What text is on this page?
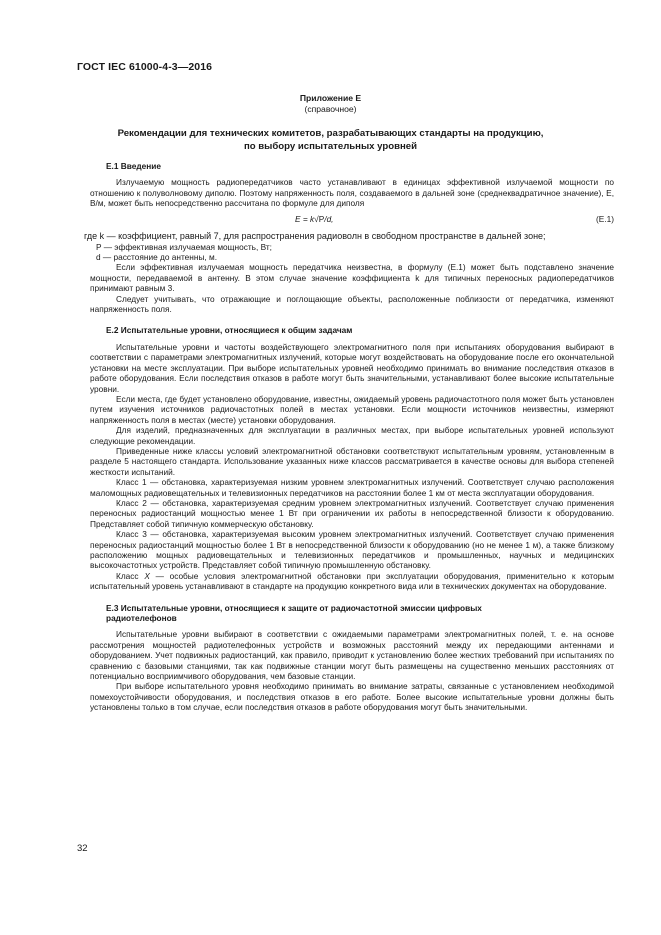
ГОСТ IEC 61000-4-3—2016
Приложение Е
(справочное)
Рекомендации для технических комитетов, разрабатывающих стандарты на продукцию,
по выбору испытательных уровней
Е.1 Введение

Излучаемую мощность радиопередатчиков часто устанавливают в единицах эффективной излучаемой мощности по отношению к полуволновому диполю. Поэтому напряженность поля, создаваемого в дальней зоне (среднеквадратичное значение), E, В/м, может быть непосредственно рассчитана по формуле для диполя

E = k√P/d,	(Е.1)

где k — коэффициент, равный 7, для распространения радиоволн в свободном пространстве в дальней зоне;

P — эффективная излучаемая мощность, Вт;

d — расстояние до антенны, м.

Если эффективная излучаемая мощность передатчика неизвестна, в формулу (Е.1) может быть подставлено значение мощности, передаваемой в антенну. В этом случае значение коэффициента k для типичных переносных радиопередатчиков принимают равным 3.

Следует учитывать, что отражающие и поглощающие объекты, расположенные поблизости от передатчика, изменяют напряженность поля.

Е.2 Испытательные уровни, относящиеся к общим задачам

Испытательные уровни и частоты воздействующего электромагнитного поля при испытаниях оборудования выбирают в соответствии с параметрами электромагнитных излучений, которые могут воздействовать на оборудование после его окончательной установки на месте эксплуатации. При выборе испытательных уровней необходимо принимать во внимание последствия отказов в работе оборудования. Если последствия отказов в работе могут быть значительными, устанавливают более высокие испытательные уровни.

Если места, где будет установлено оборудование, известны, ожидаемый уровень радиочастотного поля может быть установлен путем изучения источников радиочастотных полей в местах установки. Если мощности источников неизвестны, измеряют напряженность поля в местах (месте) установки оборудования.

Для изделий, предназначенных для эксплуатации в различных местах, при выборе испытательных уровней используют следующие рекомендации.

Приведенные ниже классы условий электромагнитной обстановки соответствуют испытательным уровням, установленным в разделе 5 настоящего стандарта. Использование указанных ниже классов рассматривается в качестве основы для выбора степеней жесткости испытаний.

Класс 1 — обстановка, характеризуемая низким уровнем электромагнитных излучений. Соответствует случаю расположения маломощных радиовещательных и телевизионных передатчиков на расстоянии более 1 км от места эксплуатации оборудования.

Класс 2 — обстановка, характеризуемая средним уровнем электромагнитных излучений. Соответствует случаю применения переносных радиостанций мощностью менее 1 Вт при ограничении их работы в непосредственной близости к оборудованию. Представляет собой типичную коммерческую обстановку.

Класс 3 — обстановка, характеризуемая высоким уровнем электромагнитных излучений. Соответствует случаю применения переносных радиостанций мощностью более 1 Вт в непосредственной близости к оборудованию (но не менее 1 м), а также близкому расположению мощных радиовещательных и телевизионных передатчиков и промышленных, научных и медицинских высокочастотных устройств. Представляет собой типичную промышленную обстановку.

Класс X — особые условия электромагнитной обстановки при эксплуатации оборудования, применительно к которым испытательный уровень устанавливают в стандарте на продукцию конкретного вида или в технических документах на оборудование.

Е.3 Испытательные уровни, относящиеся к защите от радиочастотной эмиссии цифровых
радиотелефонов

Испытательные уровни выбирают в соответствии с ожидаемыми параметрами электромагнитных полей, т. е. на основе рассмотрения мощностей радиотелефонных устройств и возможных расстояний между их передающими антеннами и оборудованием. Учет подвижных радиостанций, как правило, приводит к установлению более жестких требований при испытаниях по сравнению с базовыми станциями, так как подвижные станции могут быть размещены на существенно меньших расстояниях от потенциально восприимчивого оборудования, чем базовые станции.

При выборе испытательного уровня необходимо принимать во внимание затраты, связанные с установлением необходимой помехоустойчивости оборудования, и последствия отказов в его работе. Более высокие испытательные уровни должны быть установлены только в том случае, если последствия отказов в работе оборудования могут быть значительными.

32
